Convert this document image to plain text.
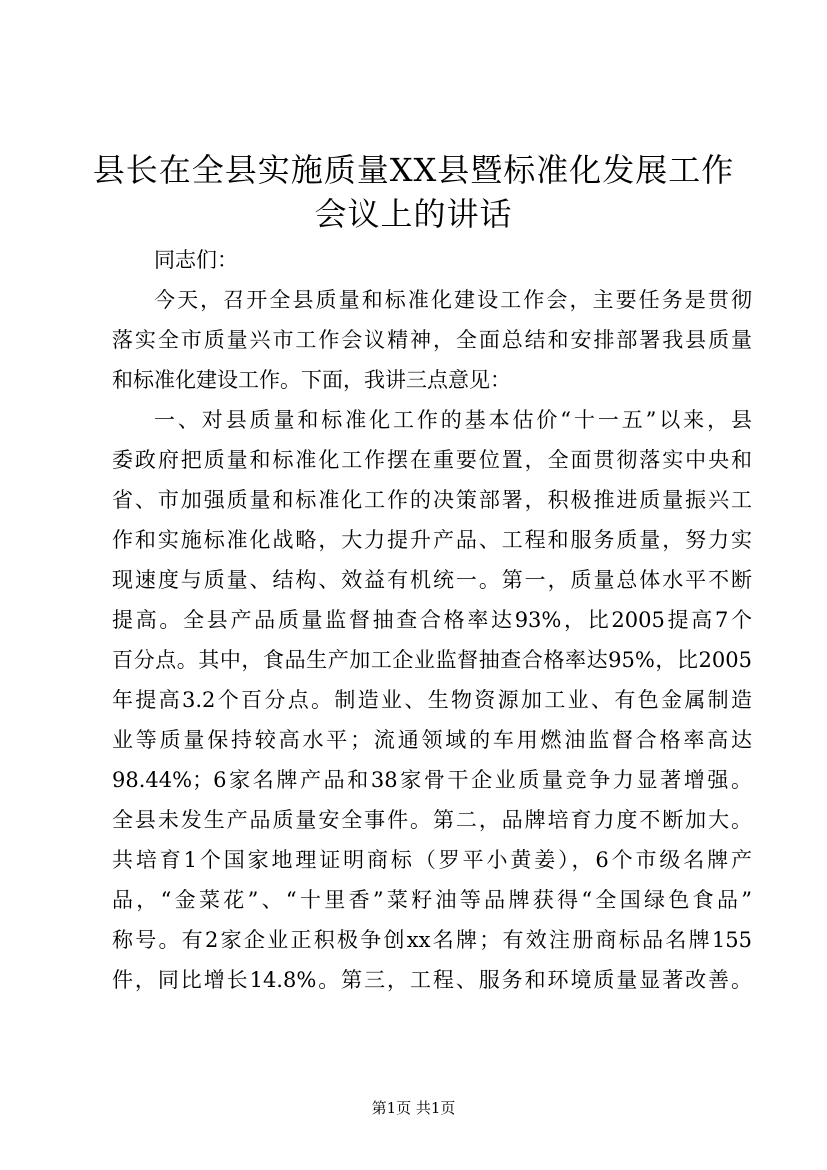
县长在全县实施质量XX县暨标准化发展工作
会议上的讲话

同志们：

今天，召开全县质量和标准化建设工作会，主要任务是贯彻

落实全市质量兴市工作会议精神，全面总结和安排部署我县质量

和标准化建设工作。下面，我讲三点意见：

一、对县质量和标准化工作的基本估价“十一五”以来，县

委政府把质量和标准化工作摆在重要位置，全面贯彻落实中央和

省、市加强质量和标准化工作的决策部署，积极推进质量振兴工

作和实施标准化战略，大力提升产品、工程和服务质量，努力实

现速度与质量、结构、效益有机统一。第一，质量总体水平不断

提高。全县产品质量监督抽查合格率达93%，比2005提高7个

百分点。其中，食品生产加工企业监督抽查合格率达95%，比2005

年提高3.2个百分点。制造业、生物资源加工业、有色金属制造

业等质量保持较高水平；流通领域的车用燃油监督合格率高达

98.44%；6家名牌产品和38家骨干企业质量竞争力显著增强。

全县未发生产品质量安全事件。第二，品牌培育力度不断加大。

共培育1个国家地理证明商标（罗平小黄姜），6个市级名牌产

品，“金菜花”、“十里香”菜籽油等品牌获得“全国绿色食品”

称号。有2家企业正积极争创xx名牌；有效注册商标品名牌155

件，同比增长14.8%。第三，工程、服务和环境质量显著改善。

第1页 共1页
